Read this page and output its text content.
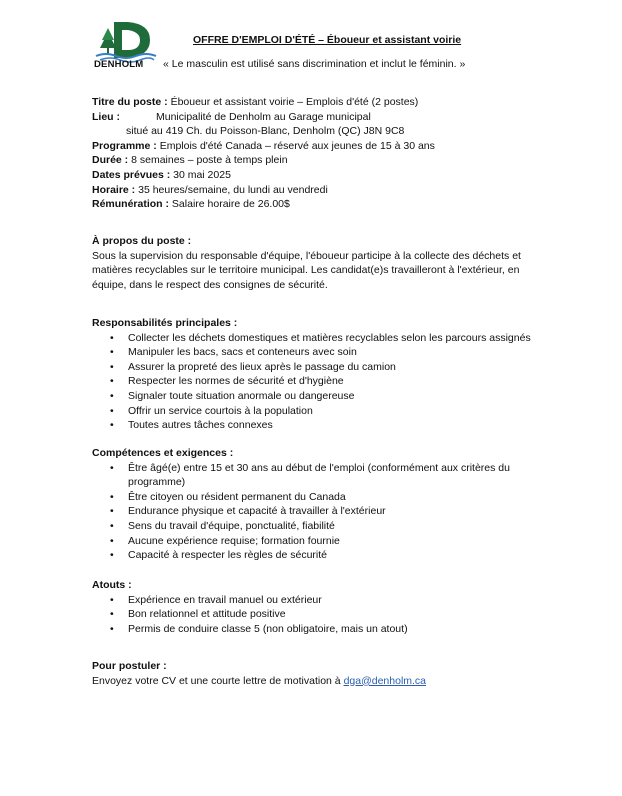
DENHOLM
OFFRE D'EMPLOI D'ÉTÉ – Éboueur et assistant voirie
« Le masculin est utilisé sans discrimination et inclut le féminin. »
Titre du poste : Éboueur et assistant voirie – Emplois d'été (2 postes)
Lieu :	Municipalité de Denholm au Garage municipal
situé au 419 Ch. du Poisson-Blanc, Denholm (QC) J8N 9C8
Programme : Emplois d'été Canada – réservé aux jeunes de 15 à 30 ans
Durée : 8 semaines – poste à temps plein
Dates prévues : 30 mai 2025
Horaire : 35 heures/semaine, du lundi au vendredi
Rémunération : Salaire horaire de 26.00$
À propos du poste :

Sous la supervision du responsable d'équipe, l'éboueur participe à la collecte des déchets et matières recyclables sur le territoire municipal. Les candidat(e)s travailleront à l'extérieur, en équipe, dans le respect des consignes de sécurité.

Responsabilités principales :
• Collecter les déchets domestiques et matières recyclables selon les parcours assignés
• Manipuler les bacs, sacs et conteneurs avec soin
• Assurer la propreté des lieux après le passage du camion
• Respecter les normes de sécurité et d'hygiène
• Signaler toute situation anormale ou dangereuse
• Offrir un service courtois à la population
• Toutes autres tâches connexes
Compétences et exigences :
• Être âgé(e) entre 15 et 30 ans au début de l'emploi (conformément aux critères du programme)
• Être citoyen ou résident permanent du Canada
• Endurance physique et capacité à travailler à l'extérieur
• Sens du travail d'équipe, ponctualité, fiabilité
• Aucune expérience requise; formation fournie
• Capacité à respecter les règles de sécurité
Atouts :
• Expérience en travail manuel ou extérieur
• Bon relationnel et attitude positive
• Permis de conduire classe 5 (non obligatoire, mais un atout)
Pour postuler :

Envoyez votre CV et une courte lettre de motivation à dga@denholm.ca
